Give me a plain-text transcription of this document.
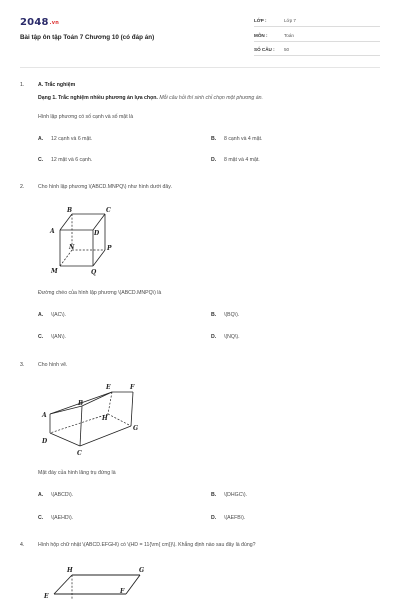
2048.vn
Bài tập ôn tập Toán 7 Chương 10 (có đáp án)
LỚP :	Lớp 7
MÔN :	Toán
SỐ CÂU : 50
1.	A. Trắc nghiệm
Dạng 1. Trắc nghiệm nhiều phương án lựa chọn. Mỗi câu hỏi thí sinh chỉ chọn một phương án.
Hình lập phương có số cạnh và số mặt là
A. 12 cạnh và 6 mặt.	B. 8 cạnh và 4 mặt.
C. 12 mặt và 6 cạnh.	D. 8 mặt và 4 mặt.
2.	Cho hình lập phương \(ABCD.MNPQ\) như hình dưới đây.
B	C
A	D
N	P
M	Q
Đường chéo của hình lập phương \(ABCD.MNPQ\) là
A. \(AC\).	B. \(BQ\).
C. \(AN\).	D. \(NQ\).
3.	Cho hình vẽ.
E	F
A
B
H
G
D
C
Mặt đáy của hình lăng trụ đứng là
A. \(ABCD\).	B. \(DHGC\).
C. \(AEHD\).	D. \(AEFB\).
4.	Hình hộp chữ nhật \(ABCD.EFGH\) có \(HD = 11{\rm{ cm}}\). Khẳng định nào sau đây là đúng?
H	G
E
F
